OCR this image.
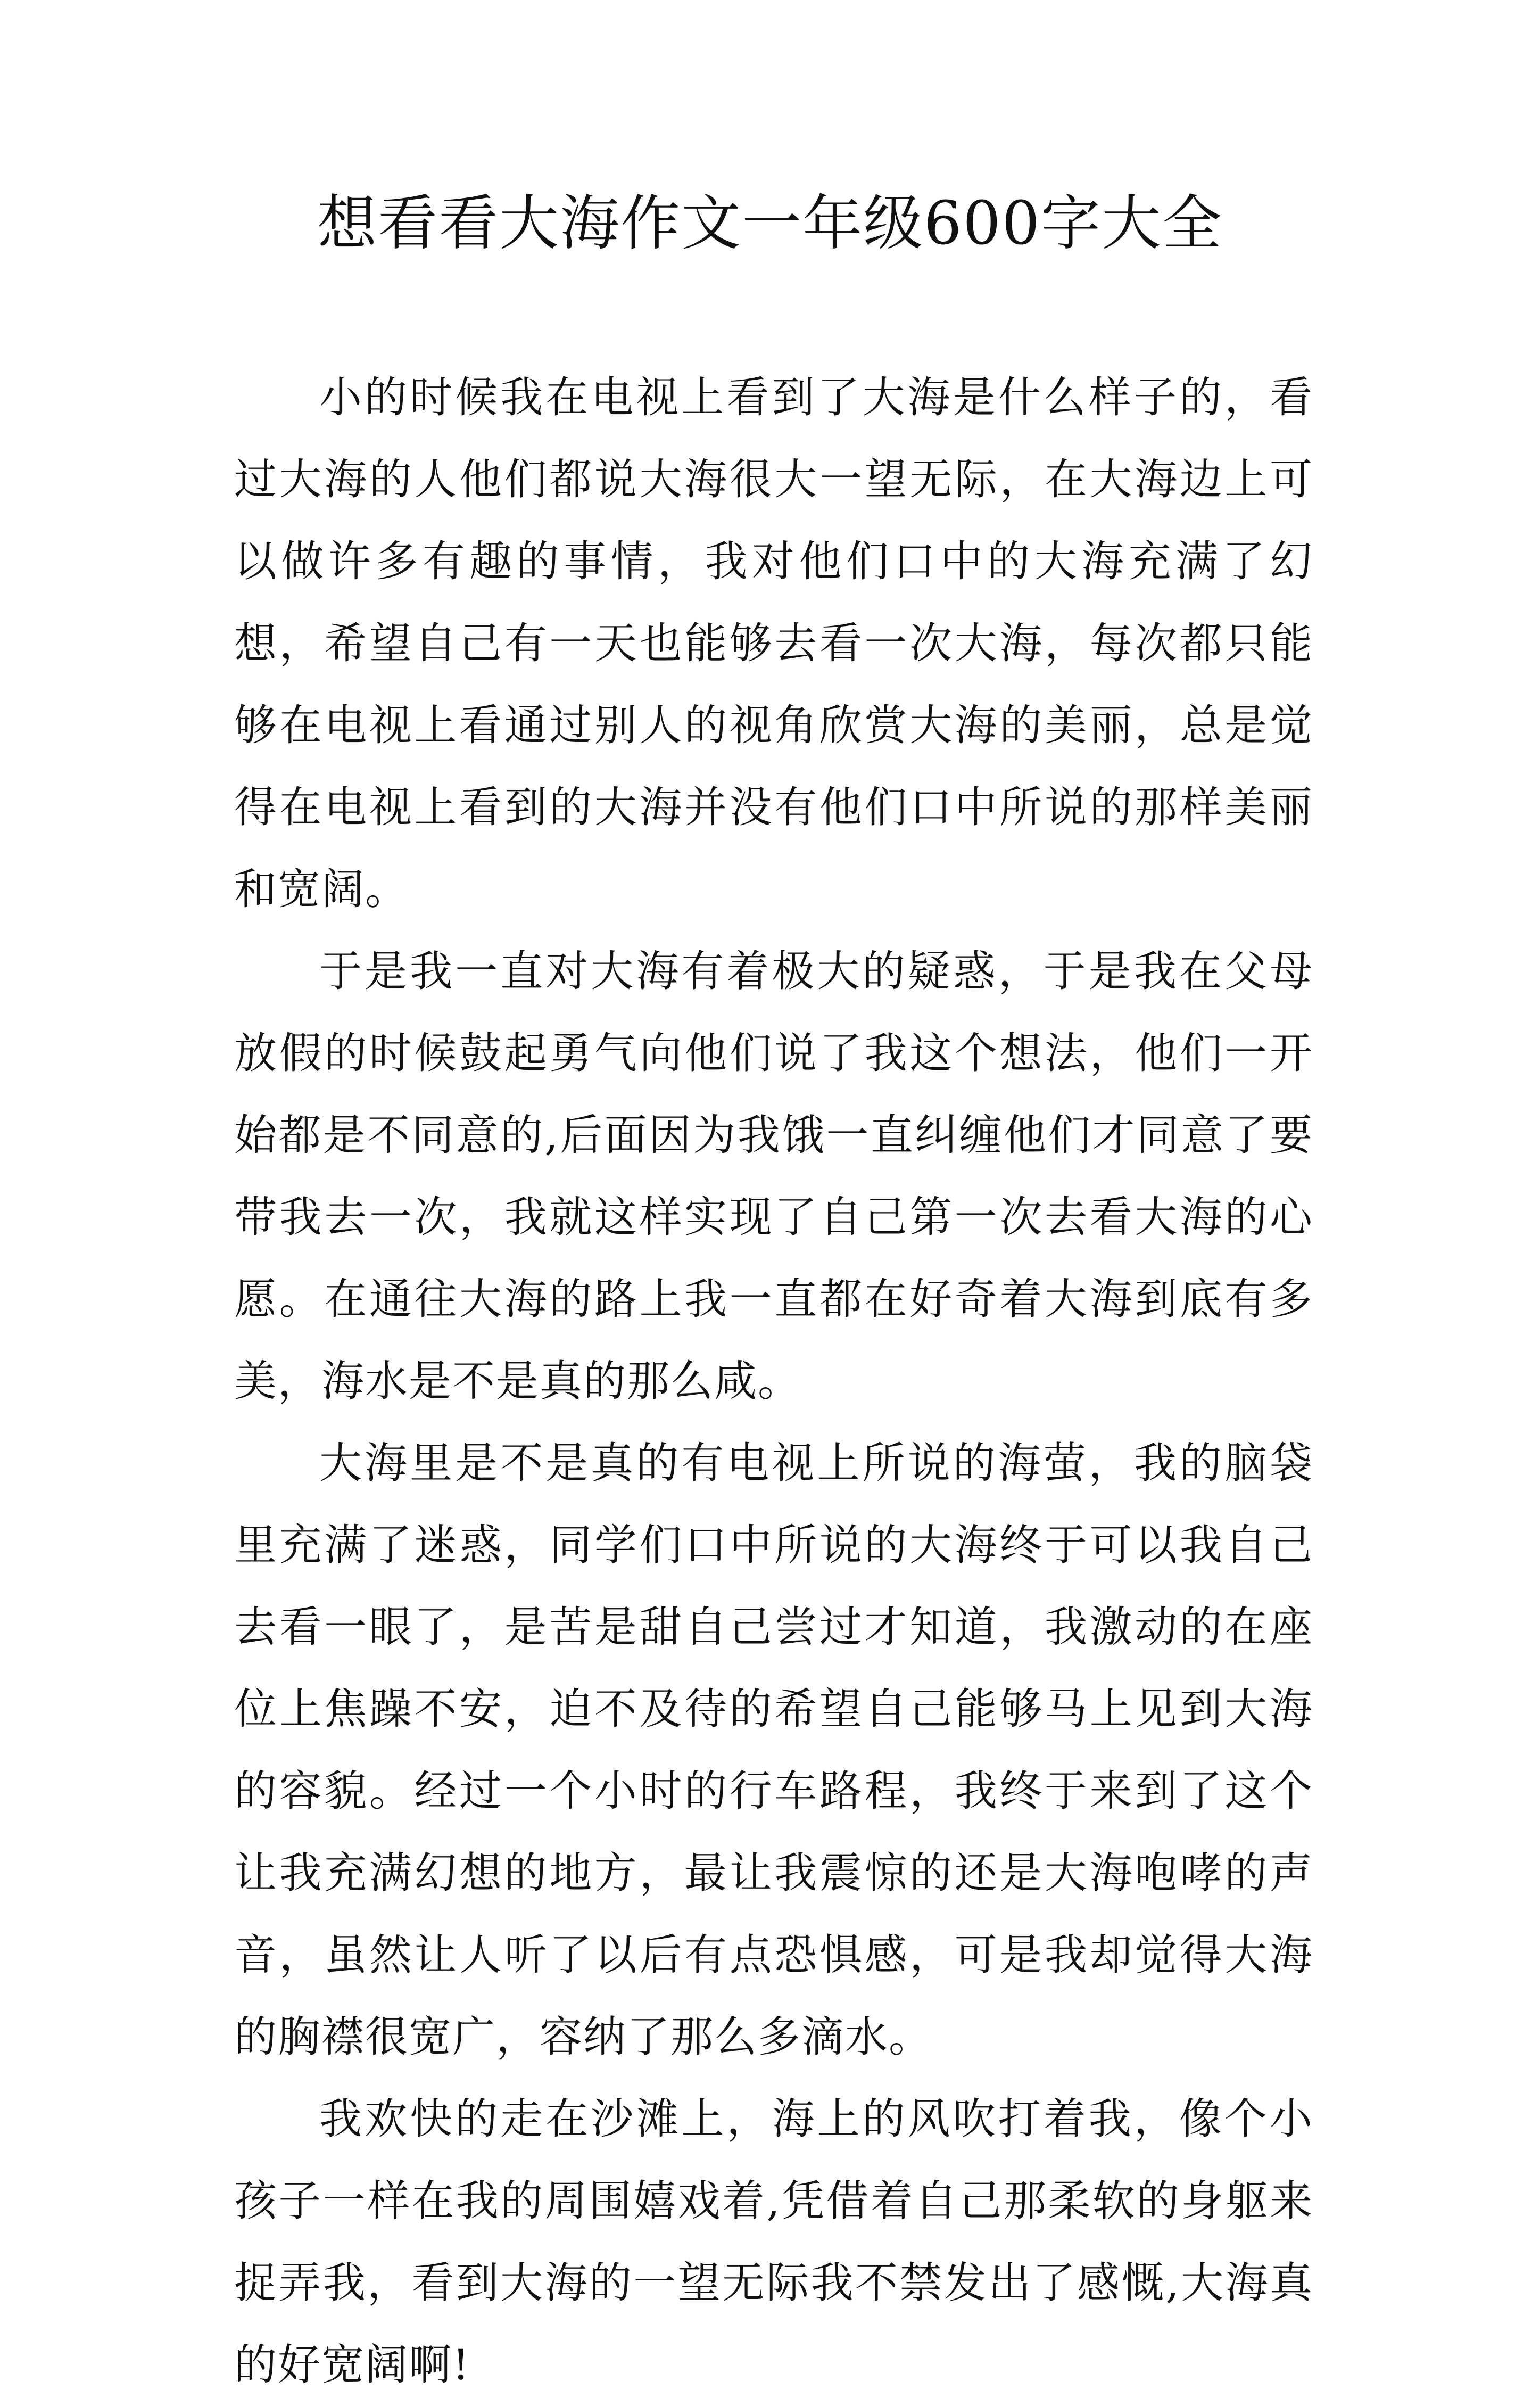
想看看大海作文一年级600字大全

小的时候我在电视上看到了大海是什么样子的，看过大海的人他们都说大海很大一望无际，在大海边上可以做许多有趣的事情，我对他们口中的大海充满了幻想，希望自己有一天也能够去看一次大海，每次都只能够在电视上看通过别人的视角欣赏大海的美丽，总是觉得在电视上看到的大海并没有他们口中所说的那样美丽和宽阔。

于是我一直对大海有着极大的疑惑，于是我在父母放假的时候鼓起勇气向他们说了我这个想法，他们一开始都是不同意的,后面因为我饿一直纠缠他们才同意了要带我去一次，我就这样实现了自己第一次去看大海的心愿。在通往大海的路上我一直都在好奇着大海到底有多美，海水是不是真的那么咸。

大海里是不是真的有电视上所说的海萤，我的脑袋里充满了迷惑，同学们口中所说的大海终于可以我自己去看一眼了，是苦是甜自己尝过才知道，我激动的在座位上焦躁不安，迫不及待的希望自己能够马上见到大海的容貌。经过一个小时的行车路程，我终于来到了这个让我充满幻想的地方，最让我震惊的还是大海咆哮的声音，虽然让人听了以后有点恐惧感，可是我却觉得大海的胸襟很宽广，容纳了那么多滴水。

我欢快的走在沙滩上，海上的风吹打着我，像个小孩子一样在我的周围嬉戏着,凭借着自己那柔软的身躯来捉弄我，看到大海的一望无际我不禁发出了感慨,大海真的好宽阔啊!
